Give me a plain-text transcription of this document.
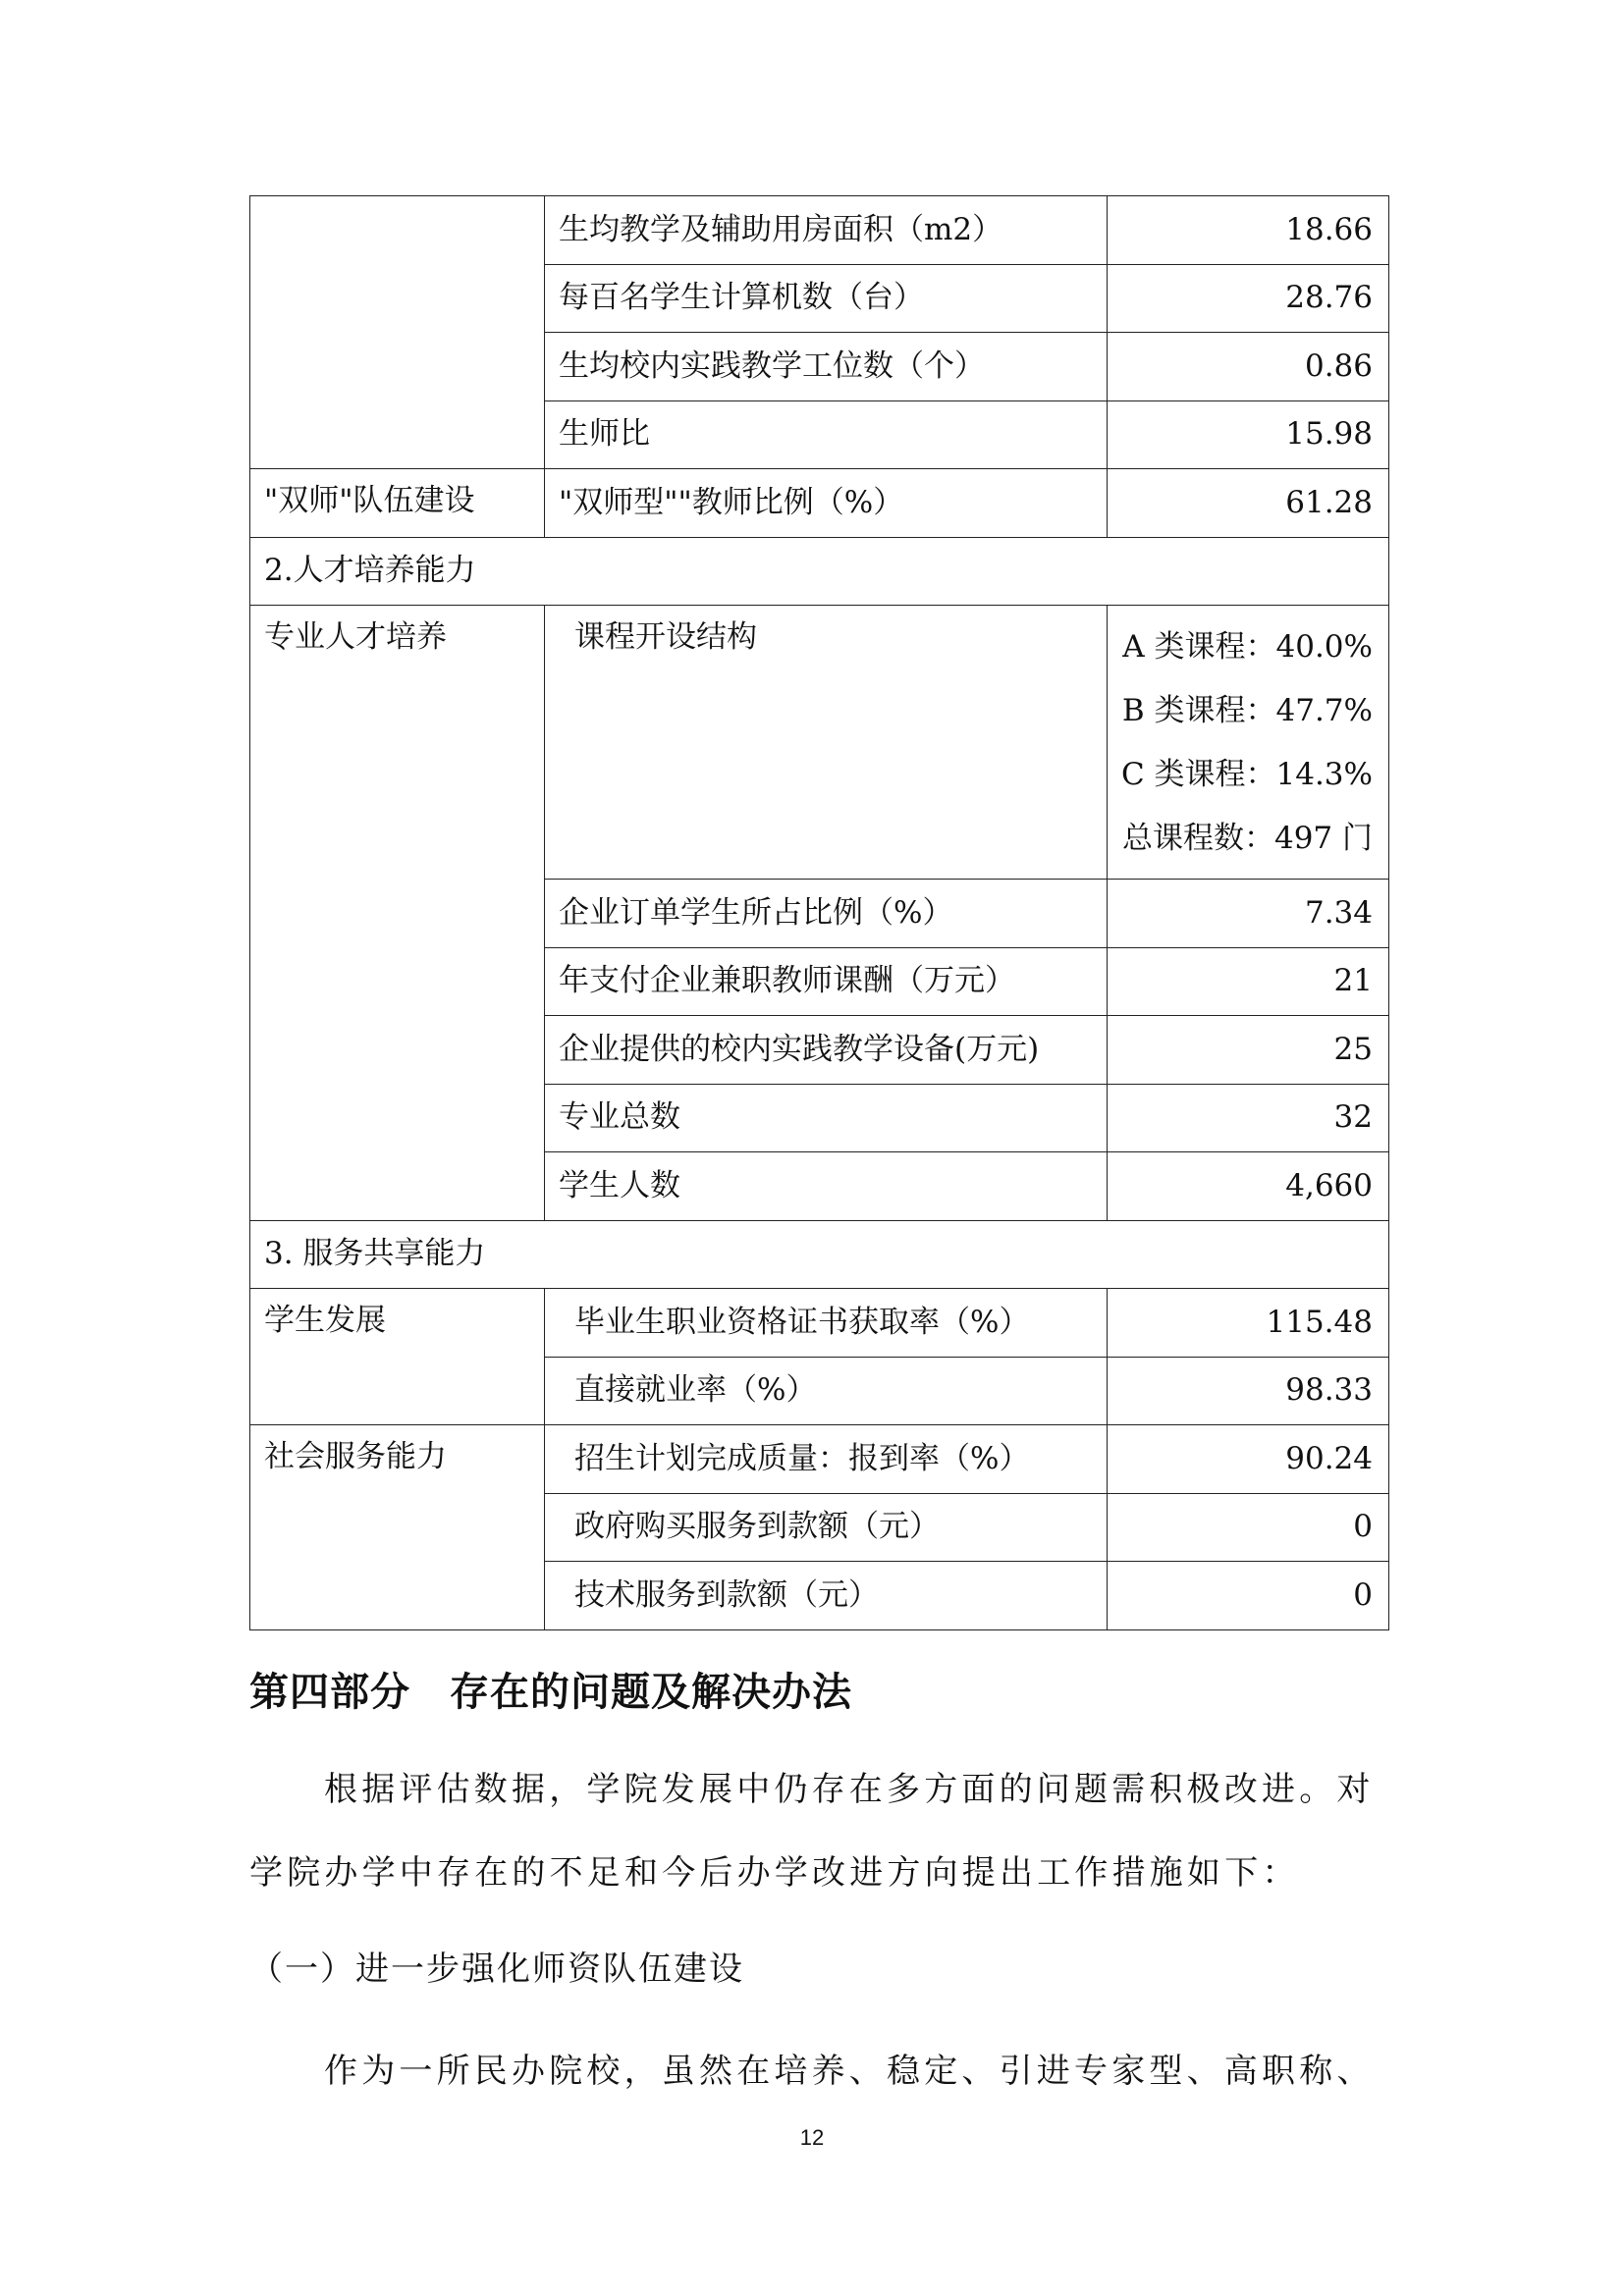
	生均教学及辅助用房面积（m2）	18.66
	每百名学生计算机数（台）	28.76
	生均校内实践教学工位数（个）	0.86
	生师比	15.98
"双师"队伍建设	"双师型""教师比例（%）	61.28
2.人才培养能力		
专业人才培养	课程开设结构	A 类课程：40.0%
B 类课程：47.7%
C 类课程：14.3%
总课程数：497 门

	企业订单学生所占比例（%）	7.34
	年支付企业兼职教师课酬（万元）	21
	企业提供的校内实践教学设备(万元)	25
	专业总数	32
	学生人数	4,660
3. 服务共享能力		
学生发展	毕业生职业资格证书获取率（%）	115.48
	直接就业率（%）	98.33
社会服务能力	招生计划完成质量：报到率（%）	90.24
	政府购买服务到款额（元）	0
	技术服务到款额（元）	0
第四部分 存在的问题及解决办法

根据评估数据，学院发展中仍存在多方面的问题需积极改进。对

学院办学中存在的不足和今后办学改进方向提出工作措施如下：

（一）进一步强化师资队伍建设

作为一所民办院校，虽然在培养、稳定、引进专家型、高职称、

12
